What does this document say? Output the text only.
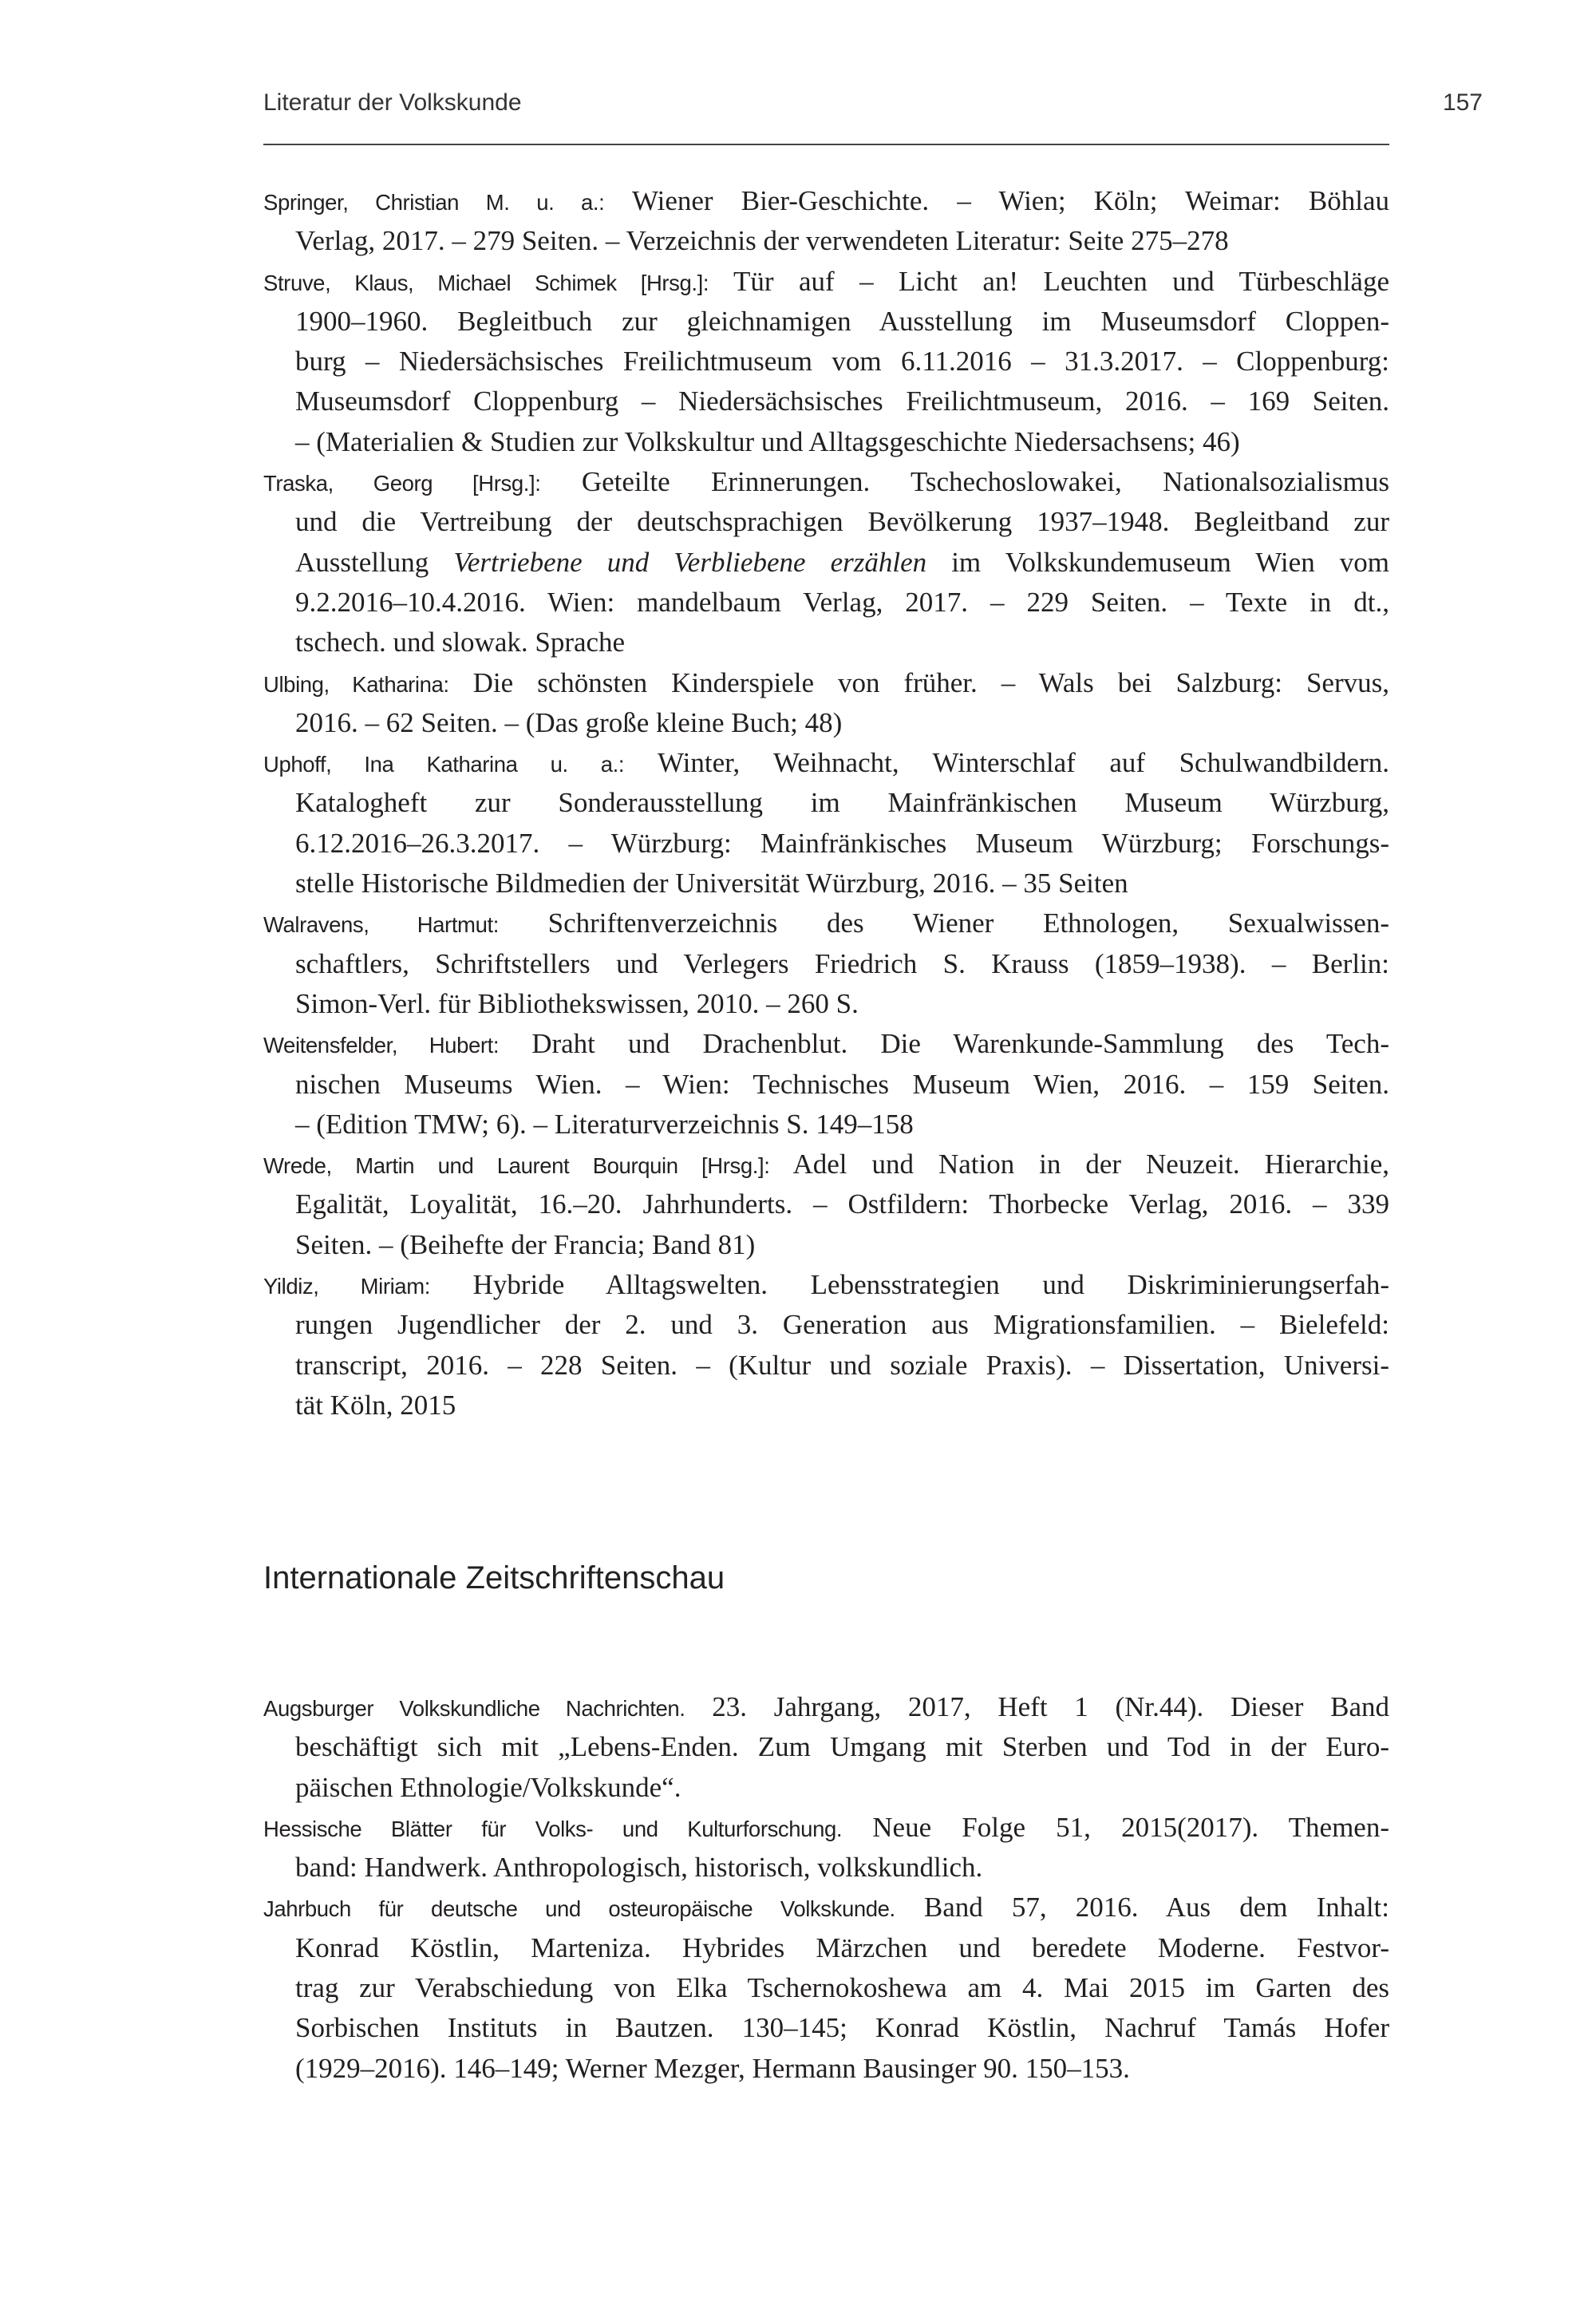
Literatur der Volkskunde	157
Springer, Christian M. u. a.: Wiener Bier-Geschichte. – Wien; Köln; Weimar: Böhlau
Verlag, 2017. – 279 Seiten. – Verzeichnis der verwendeten Literatur: Seite 275–278
Struve, Klaus, Michael Schimek [Hrsg.]: Tür auf – Licht an! Leuchten und Türbeschläge
1900–1960. Begleitbuch zur gleichnamigen Ausstellung im Museumsdorf Cloppen-
burg – Niedersächsisches Freilichtmuseum vom 6.11.2016 – 31.3.2017. – Cloppenburg:
Museumsdorf Cloppenburg – Niedersächsisches Freilichtmuseum, 2016. – 169 Seiten.
– (Materialien & Studien zur Volkskultur und Alltagsgeschichte Niedersachsens; 46)
Traska, Georg [Hrsg.]: Geteilte Erinnerungen. Tschechoslowakei, Nationalsozialismus
und die Vertreibung der deutschsprachigen Bevölkerung 1937–1948. Begleitband zur
Ausstellung Vertriebene und Verbliebene erzählen im Volkskundemuseum Wien vom
9.2.2016–10.4.2016. Wien: mandelbaum Verlag, 2017. – 229 Seiten. – Texte in dt.,
tschech. und slowak. Sprache
Ulbing, Katharina: Die schönsten Kinderspiele von früher. – Wals bei Salzburg: Servus,
2016. – 62 Seiten. – (Das große kleine Buch; 48)
Uphoff, Ina Katharina u. a.: Winter, Weihnacht, Winterschlaf auf Schulwandbildern.
Katalogheft zur Sonderausstellung im Mainfränkischen Museum Würzburg,
6.12.2016–26.3.2017. – Würzburg: Mainfränkisches Museum Würzburg; Forschungs-
stelle Historische Bildmedien der Universität Würzburg, 2016. – 35 Seiten
Walravens, Hartmut: Schriftenverzeichnis des Wiener Ethnologen, Sexualwissen-
schaftlers, Schriftstellers und Verlegers Friedrich S. Krauss (1859–1938). – Berlin:
Simon-Verl. für Bibliothekswissen, 2010. – 260 S.
Weitensfelder, Hubert: Draht und Drachenblut. Die Warenkunde-Sammlung des Tech-
nischen Museums Wien. – Wien: Technisches Museum Wien, 2016. – 159 Seiten.
– (Edition TMW; 6). – Literaturverzeichnis S. 149–158
Wrede, Martin und Laurent Bourquin [Hrsg.]: Adel und Nation in der Neuzeit. Hierarchie,
Egalität, Loyalität, 16.–20. Jahrhunderts. – Ostfildern: Thorbecke Verlag, 2016. – 339
Seiten. – (Beihefte der Francia; Band 81)
Yildiz, Miriam: Hybride Alltagswelten. Lebensstrategien und Diskriminierungserfah-
rungen Jugendlicher der 2. und 3. Generation aus Migrationsfamilien. – Bielefeld:
transcript, 2016. – 228 Seiten. – (Kultur und soziale Praxis). – Dissertation, Universi-
tät Köln, 2015
Internationale Zeitschriftenschau
Augsburger Volkskundliche Nachrichten. 23. Jahrgang, 2017, Heft 1 (Nr.44). Dieser Band
beschäftigt sich mit „Lebens-Enden. Zum Umgang mit Sterben und Tod in der Euro-
päischen Ethnologie/Volkskunde“.
Hessische Blätter für Volks- und Kulturforschung. Neue Folge 51, 2015(2017). Themen-
band: Handwerk. Anthropologisch, historisch, volkskundlich.
Jahrbuch für deutsche und osteuropäische Volkskunde. Band 57, 2016. Aus dem Inhalt:
Konrad Köstlin, Marteniza. Hybrides Märzchen und beredete Moderne. Festvor-
trag zur Verabschiedung von Elka Tschernokoshewa am 4. Mai 2015 im Garten des
Sorbischen Instituts in Bautzen. 130–145; Konrad Köstlin, Nachruf Tamás Hofer
(1929–2016). 146–149; Werner Mezger, Hermann Bausinger 90. 150–153.
